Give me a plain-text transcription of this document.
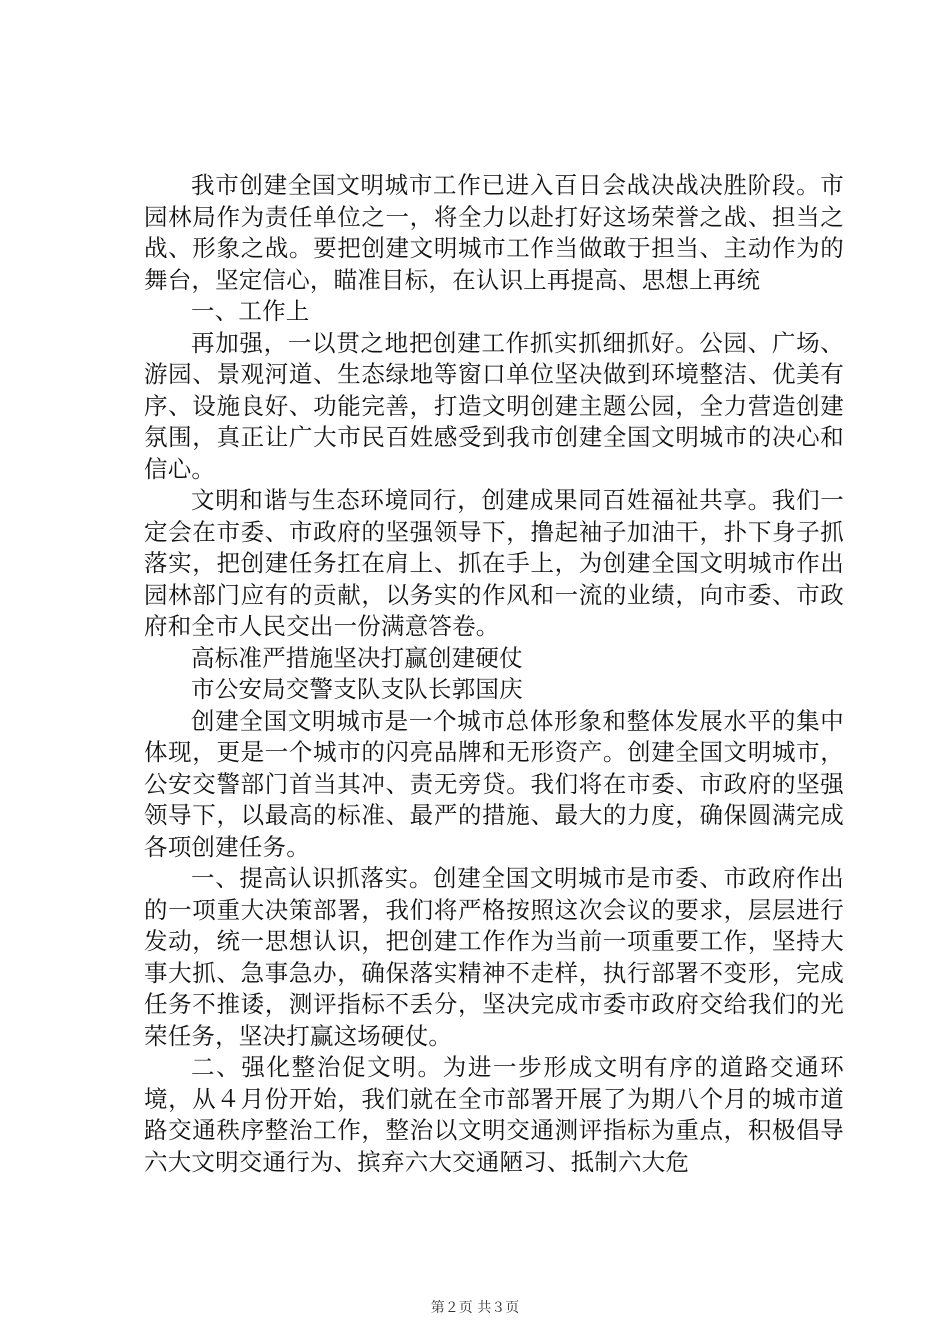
我市创建全国文明城市工作已进入百日会战决战决胜阶段。市园林局作为责任单位之一，将全力以赴打好这场荣誉之战、担当之战、形象之战。要把创建文明城市工作当做敢于担当、主动作为的舞台，坚定信心，瞄准目标，在认识上再提高、思想上再统

一、工作上

再加强，一以贯之地把创建工作抓实抓细抓好。公园、广场、游园、景观河道、生态绿地等窗口单位坚决做到环境整洁、优美有序、设施良好、功能完善，打造文明创建主题公园，全力营造创建氛围，真正让广大市民百姓感受到我市创建全国文明城市的决心和信心。

文明和谐与生态环境同行，创建成果同百姓福祉共享。我们一定会在市委、市政府的坚强领导下，撸起袖子加油干，扑下身子抓落实，把创建任务扛在肩上、抓在手上，为创建全国文明城市作出园林部门应有的贡献，以务实的作风和一流的业绩，向市委、市政府和全市人民交出一份满意答卷。

高标准严措施坚决打赢创建硬仗

市公安局交警支队支队长郭国庆

创建全国文明城市是一个城市总体形象和整体发展水平的集中体现，更是一个城市的闪亮品牌和无形资产。创建全国文明城市，公安交警部门首当其冲、责无旁贷。我们将在市委、市政府的坚强领导下，以最高的标准、最严的措施、最大的力度，确保圆满完成各项创建任务。

一、提高认识抓落实。创建全国文明城市是市委、市政府作出的一项重大决策部署，我们将严格按照这次会议的要求，层层进行发动，统一思想认识，把创建工作作为当前一项重要工作，坚持大事大抓、急事急办，确保落实精神不走样，执行部署不变形，完成任务不推诿，测评指标不丢分，坚决完成市委市政府交给我们的光荣任务，坚决打赢这场硬仗。

二、强化整治促文明。为进一步形成文明有序的道路交通环境，从４月份开始，我们就在全市部署开展了为期八个月的城市道路交通秩序整治工作，整治以文明交通测评指标为重点，积极倡导六大文明交通行为、摈弃六大交通陋习、抵制六大危

第２页 共３页
